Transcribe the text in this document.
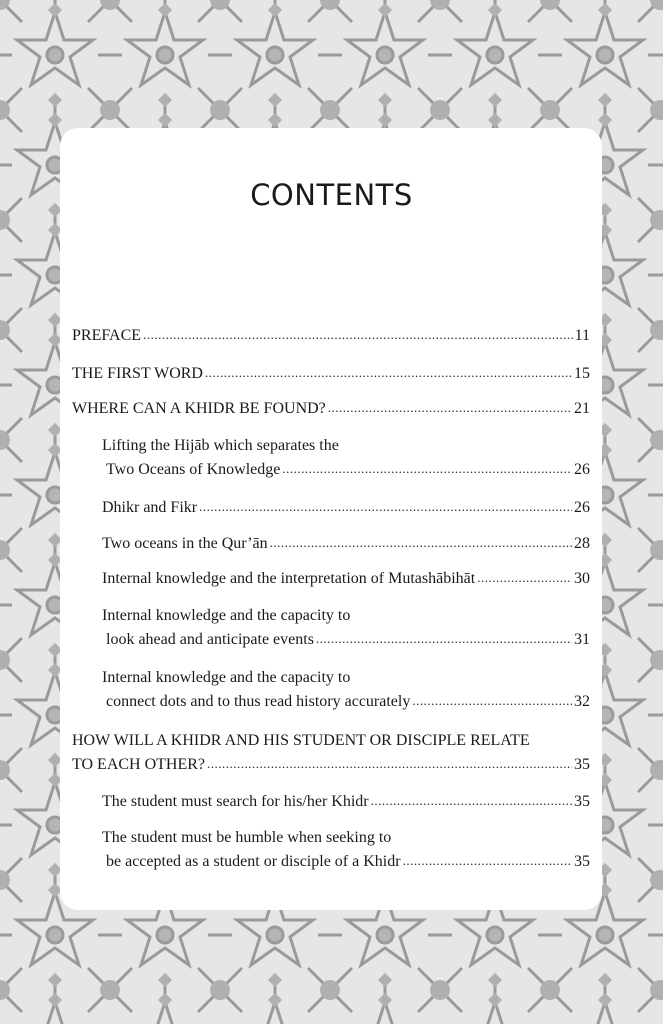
CONTENTS
PREFACE .....	11
THE FIRST WORD .....	15
WHERE CAN A KHIDR BE FOUND? .....	21
Lifting the Hijāb which separates the
Two Oceans of Knowledge .....	26
Dhikr and Fikr .....	26
Two oceans in the Qur’ān .....	28
Internal knowledge and the interpretation of Mutashābihāt .....	30
Internal knowledge and the capacity to
look ahead and anticipate events .....	31
Internal knowledge and the capacity to
connect dots and to thus read history accurately .....	32
HOW WILL A KHIDR AND HIS STUDENT OR DISCIPLE RELATE
TO EACH OTHER? .....	35
The student must search for his/her Khidr .....	35
The student must be humble when seeking to
be accepted as a student or disciple of a Khidr .....	35
